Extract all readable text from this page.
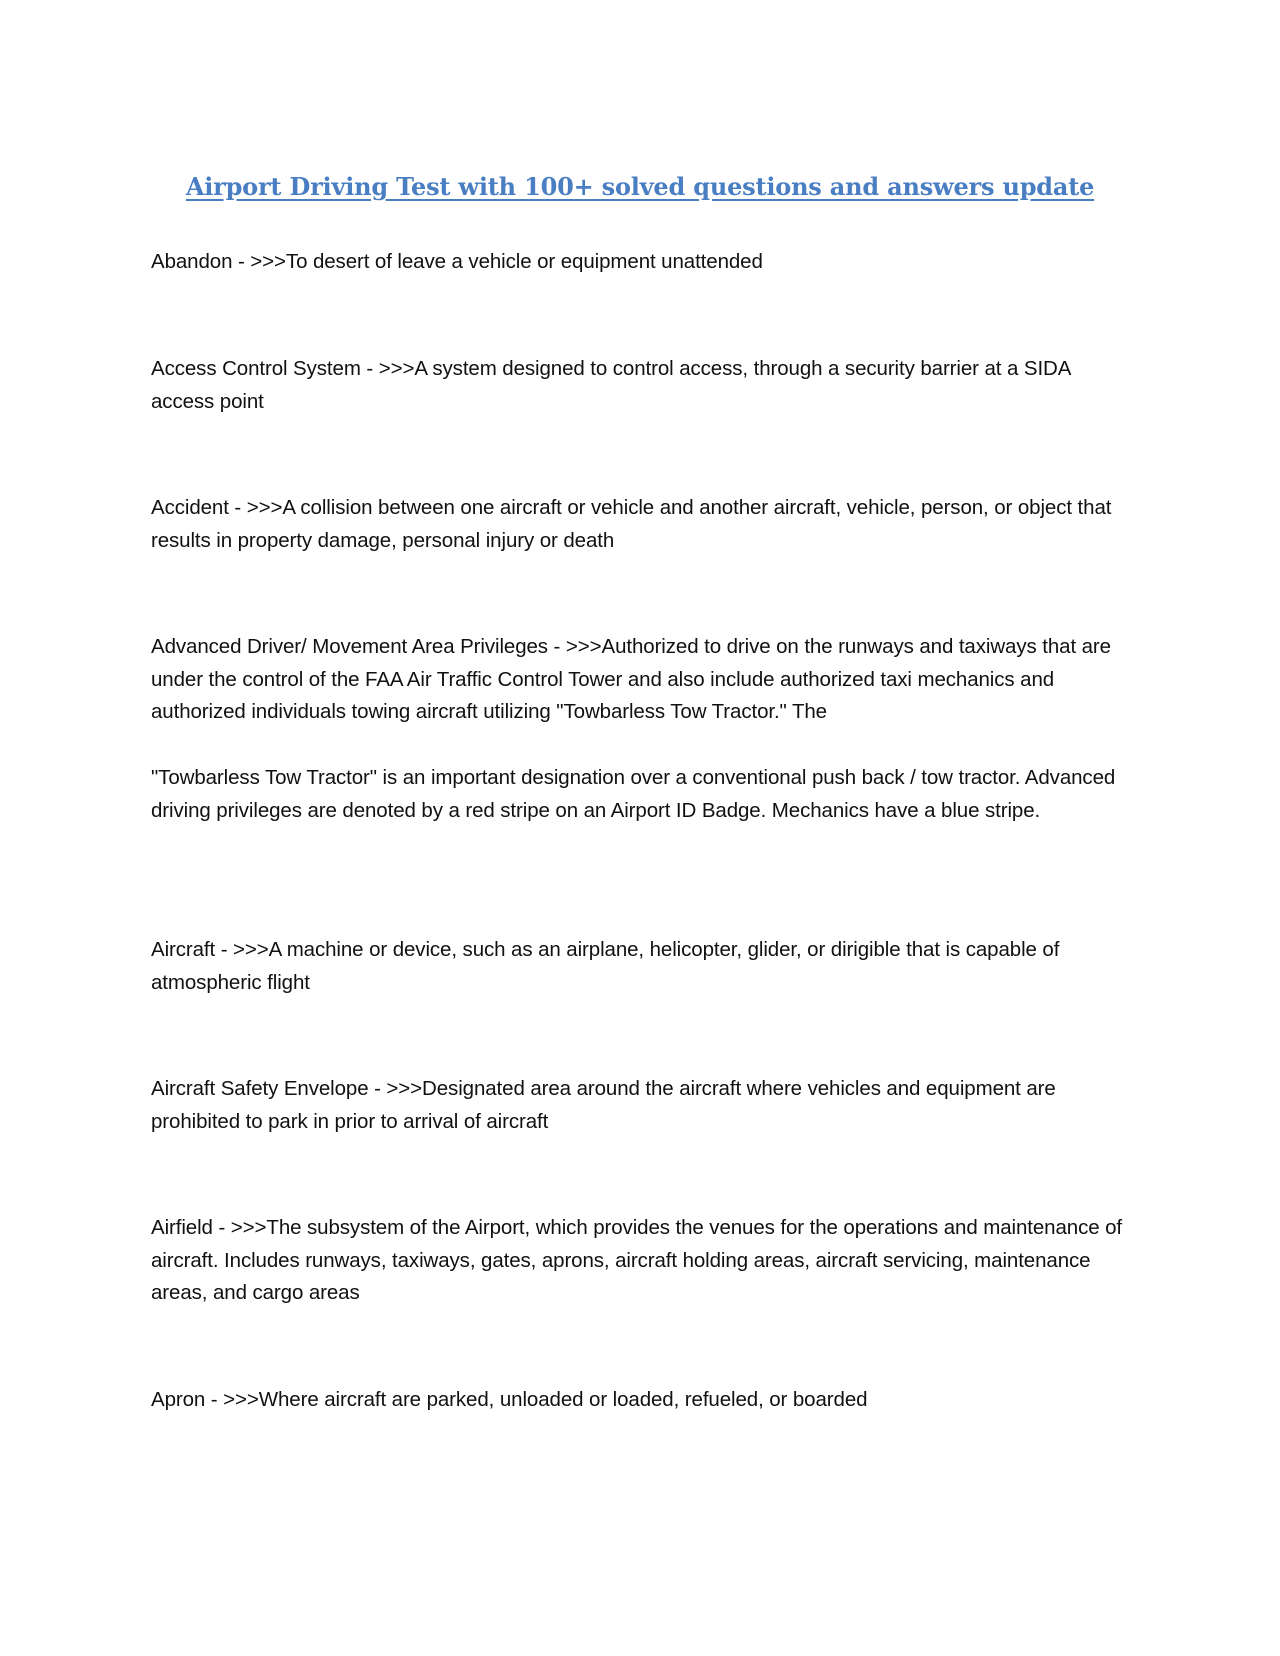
Airport Driving Test with 100+ solved questions and answers update

Abandon - >>>To desert of leave a vehicle or equipment unattended

Access Control System - >>>A system designed to control access, through a security barrier at a SIDA access point

Accident - >>>A collision between one aircraft or vehicle and another aircraft, vehicle, person, or object that results in property damage, personal injury or death

Advanced Driver/ Movement Area Privileges - >>>Authorized to drive on the runways and taxiways that are under the control of the FAA Air Traffic Control Tower and also include authorized taxi mechanics and authorized individuals towing aircraft utilizing "Towbarless Tow Tractor." The

"Towbarless Tow Tractor" is an important designation over a conventional push back / tow tractor. Advanced driving privileges are denoted by a red stripe on an Airport ID Badge. Mechanics have a blue stripe.

Aircraft - >>>A machine or device, such as an airplane, helicopter, glider, or dirigible that is capable of atmospheric flight

Aircraft Safety Envelope - >>>Designated area around the aircraft where vehicles and equipment are prohibited to park in prior to arrival of aircraft

Airfield - >>>The subsystem of the Airport, which provides the venues for the operations and maintenance of aircraft. Includes runways, taxiways, gates, aprons, aircraft holding areas, aircraft servicing, maintenance areas, and cargo areas

Apron - >>>Where aircraft are parked, unloaded or loaded, refueled, or boarded
